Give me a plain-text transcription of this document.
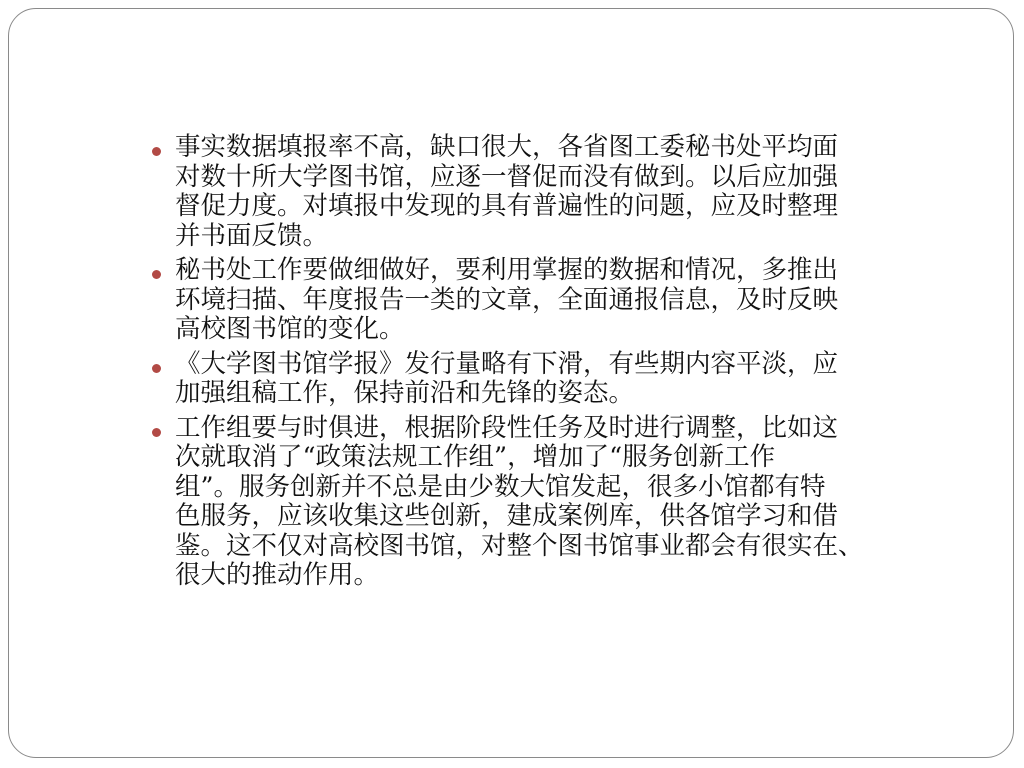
事实数据填报率不高，缺口很大，各省图工委秘书处平均面
对数十所大学图书馆，应逐一督促而没有做到。以后应加强
督促力度。对填报中发现的具有普遍性的问题，应及时整理
并书面反馈。
秘书处工作要做细做好，要利用掌握的数据和情况，多推出
环境扫描、年度报告一类的文章，全面通报信息，及时反映
高校图书馆的变化。
《大学图书馆学报》发行量略有下滑，有些期内容平淡，应
加强组稿工作，保持前沿和先锋的姿态。
工作组要与时俱进，根据阶段性任务及时进行调整，比如这
次就取消了“政策法规工作组”，增加了“服务创新工作
组”。服务创新并不总是由少数大馆发起，很多小馆都有特
色服务，应该收集这些创新，建成案例库，供各馆学习和借
鉴。这不仅对高校图书馆，对整个图书馆事业都会有很实在、
很大的推动作用。
